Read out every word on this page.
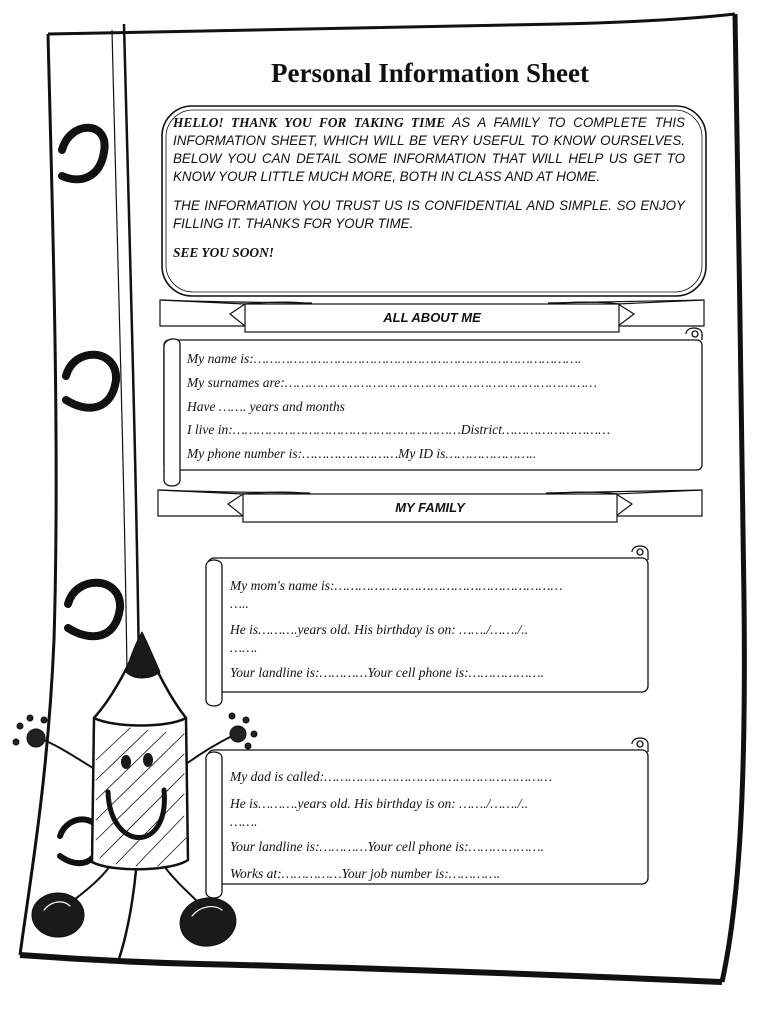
Personal Information Sheet

HELLO! THANK YOU FOR TAKING TIME AS A FAMILY TO COMPLETE THIS INFORMATION SHEET, WHICH WILL BE VERY USEFUL TO KNOW OURSELVES. BELOW YOU CAN DETAIL SOME INFORMATION THAT WILL HELP US GET TO KNOW YOUR LITTLE MUCH MORE, BOTH IN CLASS AND AT HOME.

THE INFORMATION YOU TRUST US IS CONFIDENTIAL AND SIMPLE. SO ENJOY FILLING IT. THANKS FOR YOUR TIME.

SEE YOU SOON!

ALL ABOUT ME
My name is:……………………………………………………………………….
My surnames are:……………………………………………………………………
Have ……. years and months
I live in:…………………………………………………District………………………
My phone number is:……………………My ID is…………………..
MY FAMILY
My mom's name is:…………………………………………………
…..
He is……….years old. His birthday is on: ……./……./..
…….
Your landline is:…………Your cell phone is:……………….
My dad is called:…………………………………………………
He is……….years old. His birthday is on: ……./……./..
…….
Your landline is:…………Your cell phone is:……………….
Works at:……………Your job number is:………….
